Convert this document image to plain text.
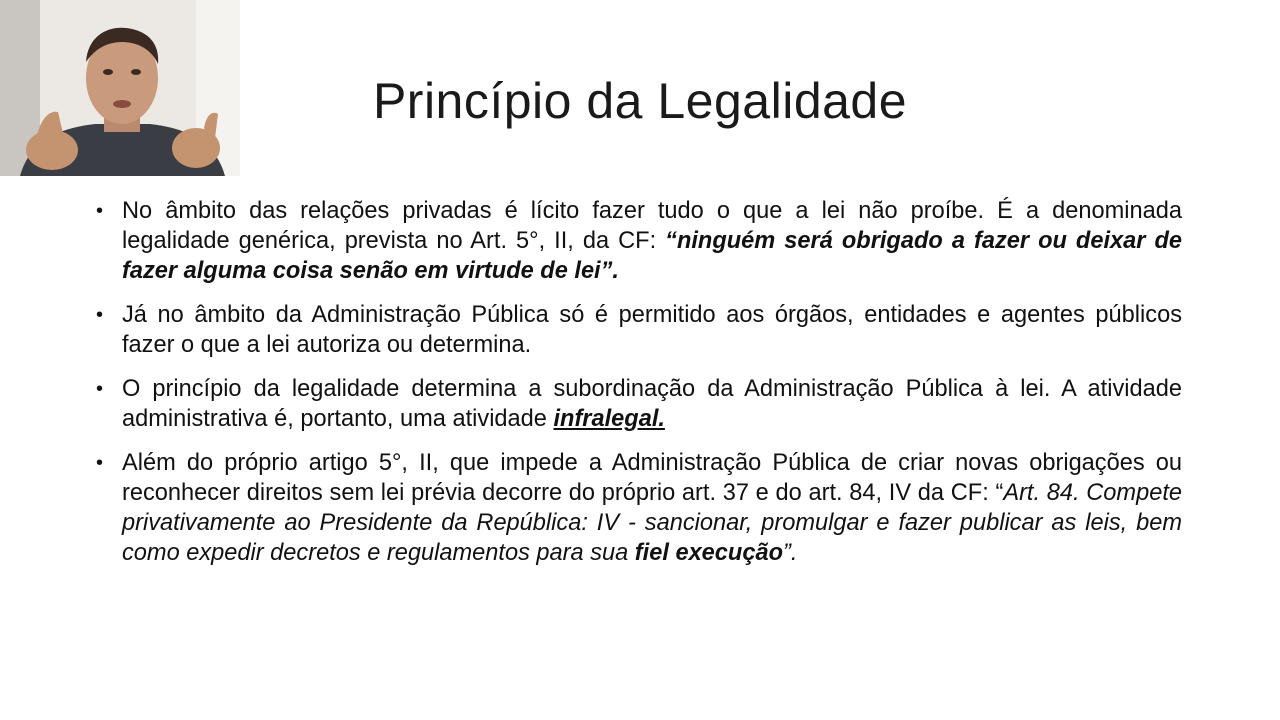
Princípio da Legalidade
• No âmbito das relações privadas é lícito fazer tudo o que a lei não proíbe. É a denominada legalidade genérica, prevista no Art. 5°, II, da CF: “ninguém será obrigado a fazer ou deixar de fazer alguma coisa senão em virtude de lei”.
• Já no âmbito da Administração Pública só é permitido aos órgãos, entidades e agentes públicos fazer o que a lei autoriza ou determina.
• O princípio da legalidade determina a subordinação da Administração Pública à lei. A atividade administrativa é, portanto, uma atividade infralegal.
• Além do próprio artigo 5°, II, que impede a Administração Pública de criar novas obrigações ou reconhecer direitos sem lei prévia decorre do próprio art. 37 e do art. 84, IV da CF: “Art. 84. Compete privativamente ao Presidente da República: IV - sancionar, promulgar e fazer publicar as leis, bem como expedir decretos e regulamentos para sua fiel execução”.
